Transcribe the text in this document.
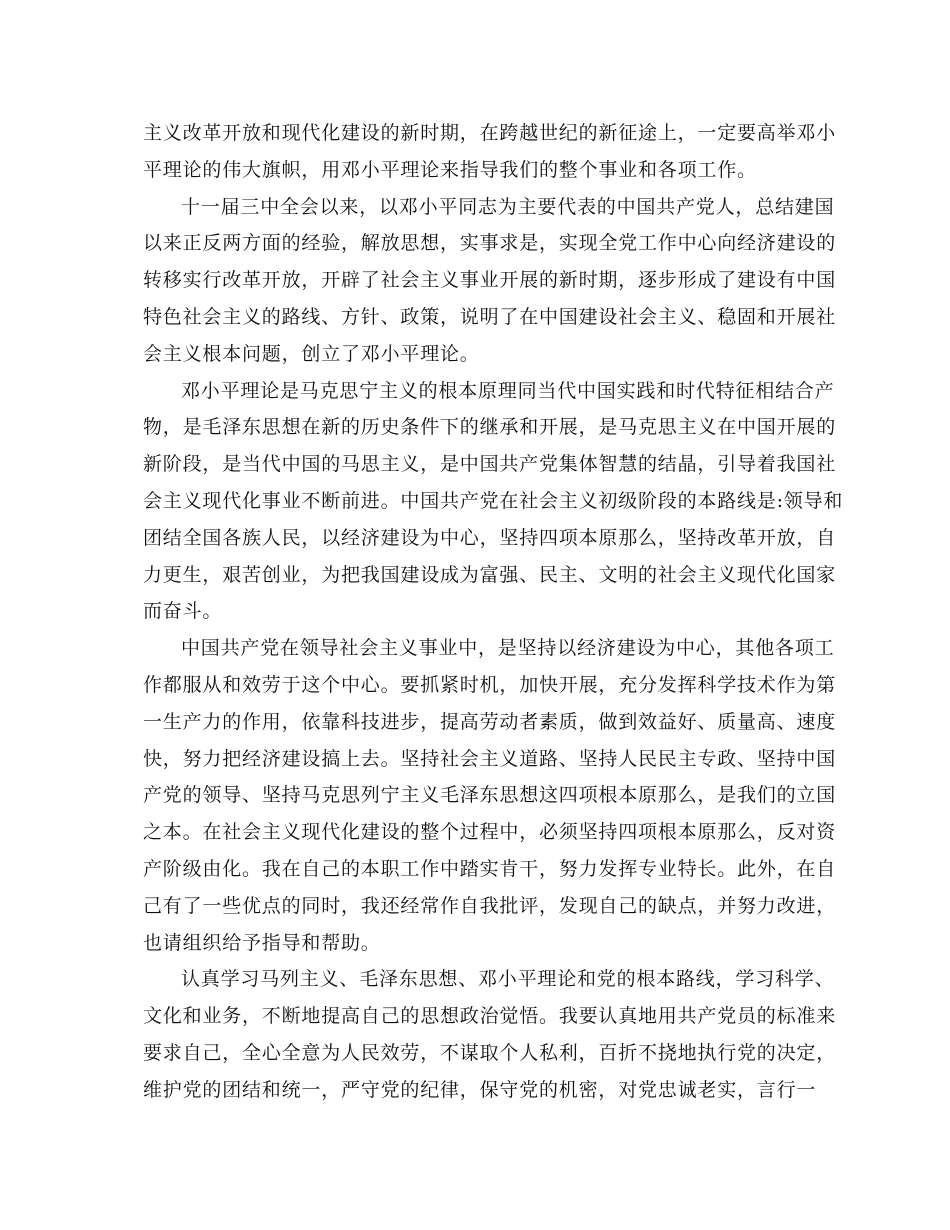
主义改革开放和现代化建设的新时期，在跨越世纪的新征途上，一定要高举邓小
平理论的伟大旗帜，用邓小平理论来指导我们的整个事业和各项工作。
十一届三中全会以来，以邓小平同志为主要代表的中国共产党人，总结建国
以来正反两方面的经验，解放思想，实事求是，实现全党工作中心向经济建设的
转移实行改革开放，开辟了社会主义事业开展的新时期，逐步形成了建设有中国
特色社会主义的路线、方针、政策，说明了在中国建设社会主义、稳固和开展社
会主义根本问题，创立了邓小平理论。
邓小平理论是马克思宁主义的根本原理同当代中国实践和时代特征相结合产
物，是毛泽东思想在新的历史条件下的继承和开展，是马克思主义在中国开展的
新阶段，是当代中国的马思主义，是中国共产党集体智慧的结晶，引导着我国社
会主义现代化事业不断前进。中国共产党在社会主义初级阶段的本路线是:领导和
团结全国各族人民，以经济建设为中心，坚持四项本原那么，坚持改革开放，自
力更生，艰苦创业，为把我国建设成为富强、民主、文明的社会主义现代化国家
而奋斗。
中国共产党在领导社会主义事业中，是坚持以经济建设为中心，其他各项工
作都服从和效劳于这个中心。要抓紧时机，加快开展，充分发挥科学技术作为第
一生产力的作用，依靠科技进步，提高劳动者素质，做到效益好、质量高、速度
快，努力把经济建设搞上去。坚持社会主义道路、坚持人民民主专政、坚持中国
产党的领导、坚持马克思列宁主义毛泽东思想这四项根本原那么，是我们的立国
之本。在社会主义现代化建设的整个过程中，必须坚持四项根本原那么，反对资
产阶级由化。我在自己的本职工作中踏实肯干，努力发挥专业特长。此外，在自
己有了一些优点的同时，我还经常作自我批评，发现自己的缺点，并努力改进，
也请组织给予指导和帮助。
认真学习马列主义、毛泽东思想、邓小平理论和党的根本路线，学习科学、
文化和业务，不断地提高自己的思想政治觉悟。我要认真地用共产党员的标准来
要求自己，全心全意为人民效劳，不谋取个人私利，百折不挠地执行党的决定，
维护党的团结和统一，严守党的纪律，保守党的机密，对党忠诚老实，言行一
